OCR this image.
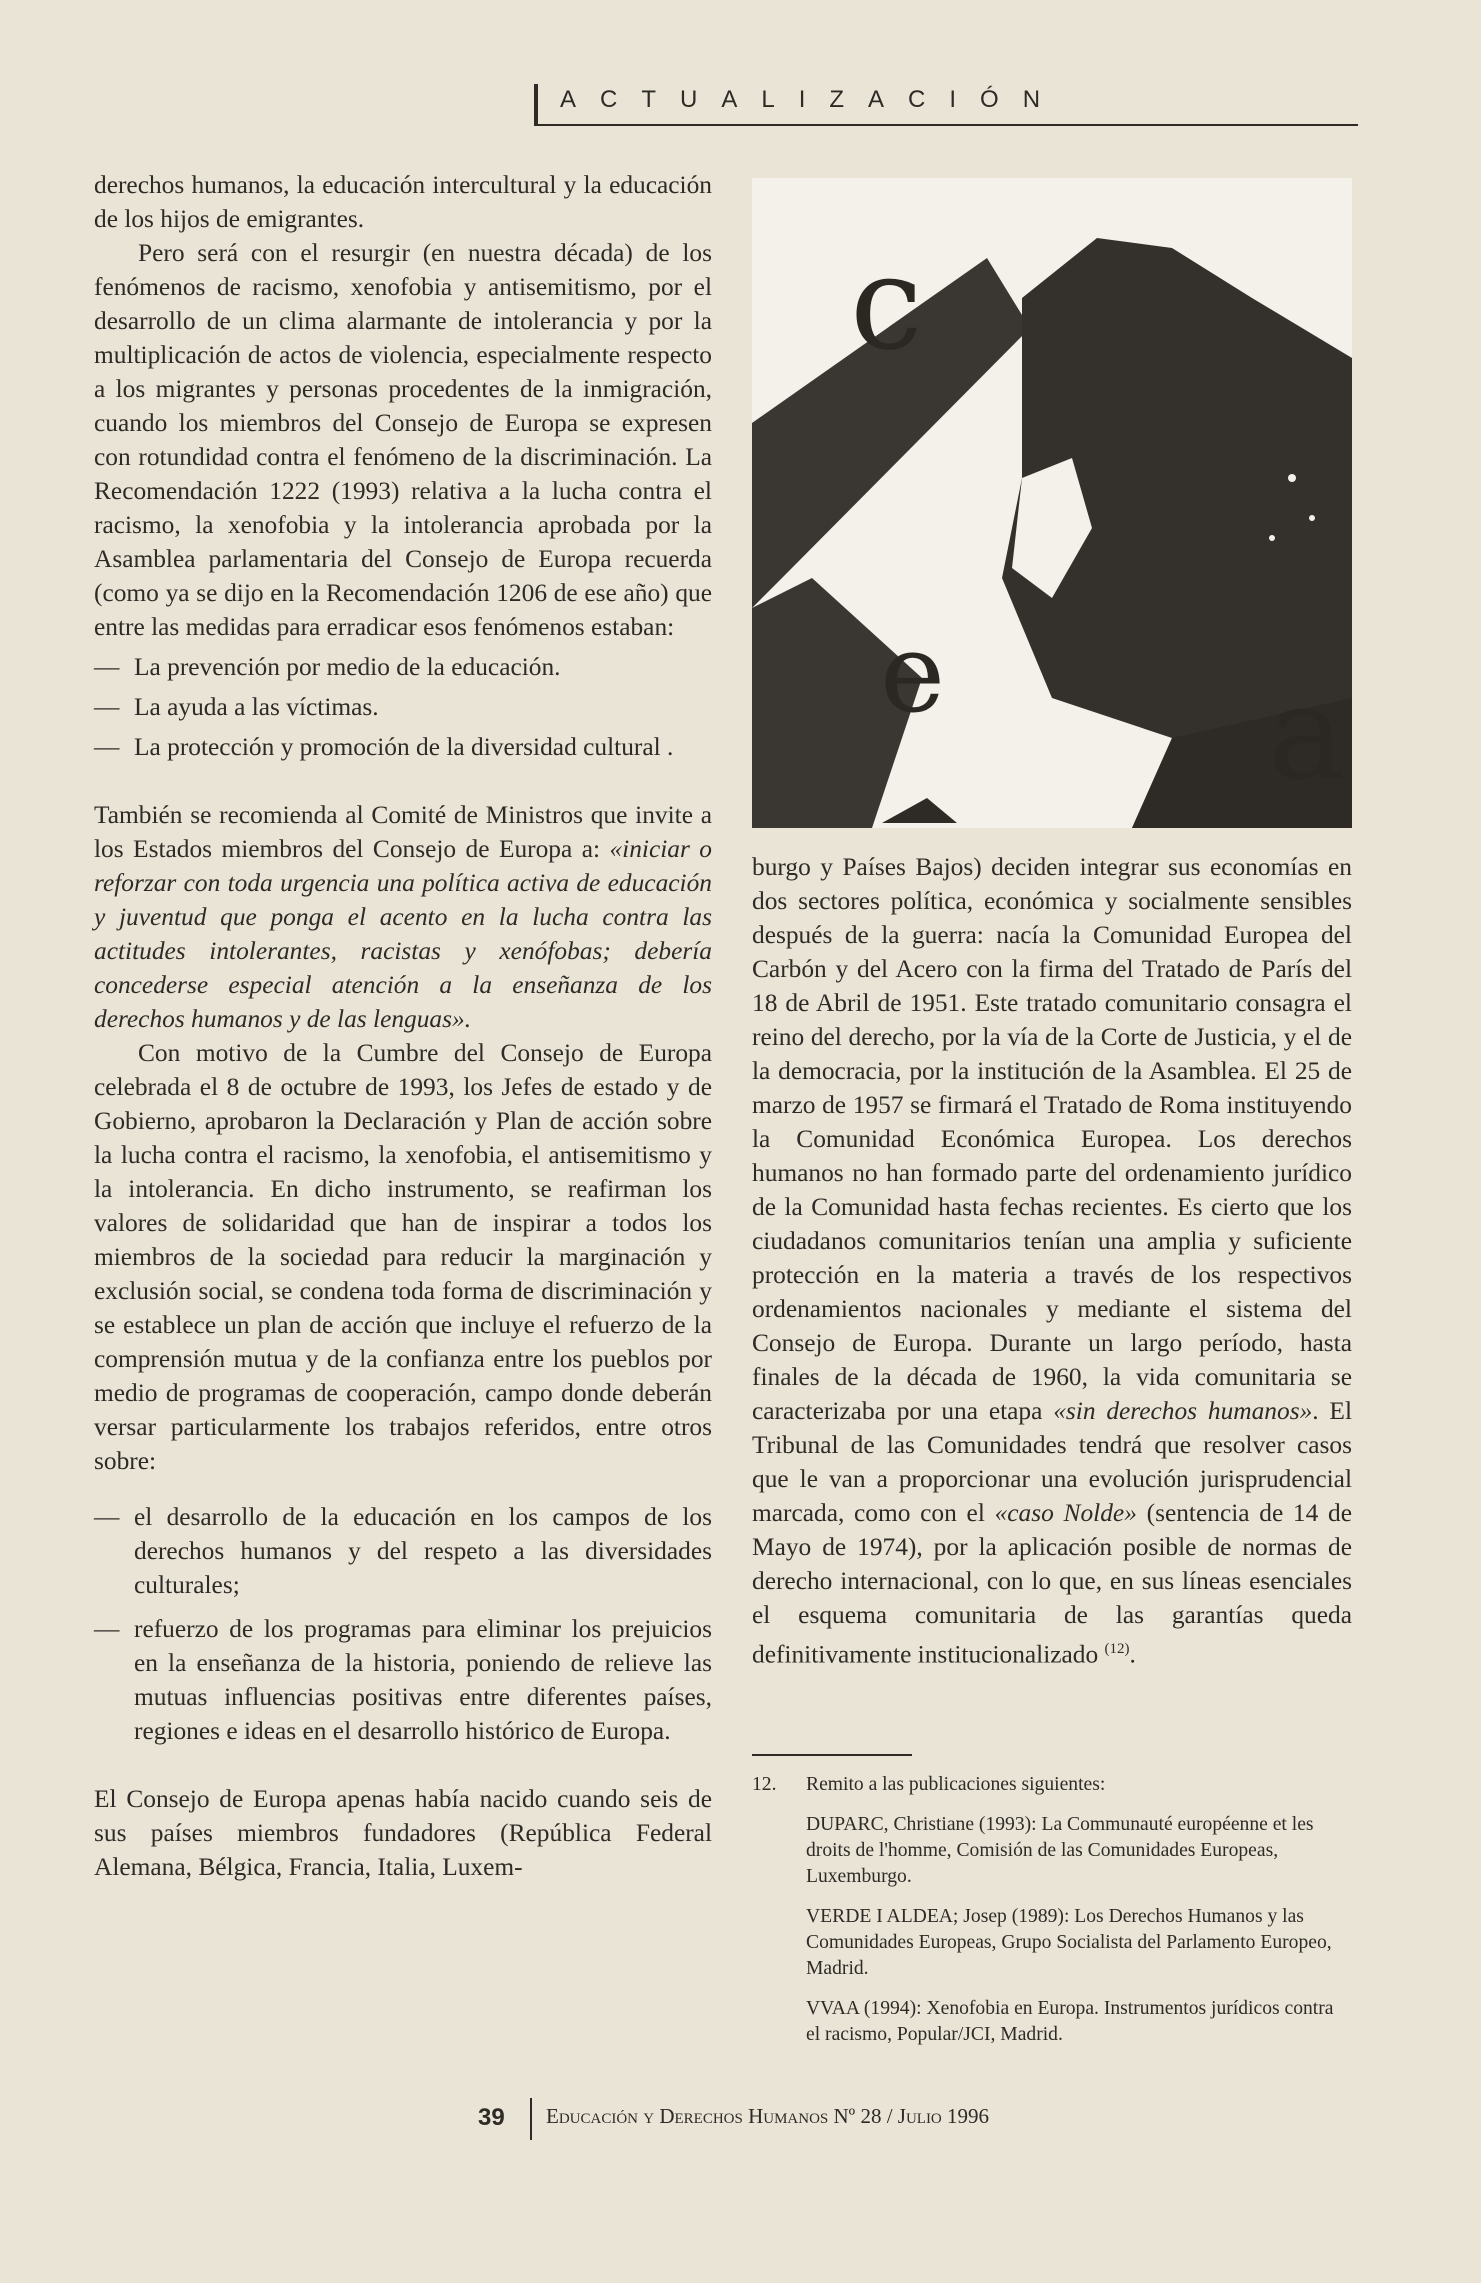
ACTUALIZACIÓN
c
e a

derechos humanos, la educación intercultural y la educación de los hijos de emigrantes.

Pero será con el resurgir (en nuestra década) de los fenómenos de racismo, xenofobia y antisemitismo, por el desarrollo de un clima alarmante de intolerancia y por la multiplicación de actos de violencia, especialmente respecto a los migrantes y personas procedentes de la inmigración, cuando los miembros del Consejo de Europa se expresen con rotundidad contra el fenómeno de la discriminación. La Recomendación 1222 (1993) relativa a la lucha contra el racismo, la xenofobia y la intolerancia aprobada por la Asamblea parlamentaria del Consejo de Europa recuerda (como ya se dijo en la Recomendación 1206 de ese año) que entre las medidas para erradicar esos fenómenos estaban:

— La prevención por medio de la educación.

— La ayuda a las víctimas.

— La protección y promoción de la diversidad cultural .

También se recomienda al Comité de Ministros que invite a los Estados miembros del Consejo de Europa a: «iniciar o reforzar con toda urgencia una política activa de educación y juventud que ponga el acento en la lucha contra las actitudes intolerantes, racistas y xenófobas; debería concederse especial atención a la enseñanza de los derechos humanos y de las lenguas».

Con motivo de la Cumbre del Consejo de Europa celebrada el 8 de octubre de 1993, los Jefes de estado y de Gobierno, aprobaron la Declaración y Plan de acción sobre la lucha contra el racismo, la xenofobia, el antisemitismo y la intolerancia. En dicho instrumento, se reafirman los valores de solidaridad que han de inspirar a todos los miembros de la sociedad para reducir la marginación y exclusión social, se condena toda forma de discriminación y se establece un plan de acción que incluye el refuerzo de la comprensión mutua y de la confianza entre los pueblos por medio de programas de cooperación, campo donde deberán versar particularmente los trabajos referidos, entre otros sobre:

— el desarrollo de la educación en los campos de los derechos humanos y del respeto a las diversidades culturales;

— refuerzo de los programas para eliminar los prejuicios en la enseñanza de la historia, poniendo de relieve las mutuas influencias positivas entre diferentes países, regiones e ideas en el desarrollo histórico de Europa.

El Consejo de Europa apenas había nacido cuando seis de sus países miembros fundadores (República Federal Alemana, Bélgica, Francia, Italia, Luxem-

burgo y Países Bajos) deciden integrar sus economías en dos sectores política, económica y socialmente sensibles después de la guerra: nacía la Comunidad Europea del Carbón y del Acero con la firma del Tratado de París del 18 de Abril de 1951. Este tratado comunitario consagra el reino del derecho, por la vía de la Corte de Justicia, y el de la democracia, por la institución de la Asamblea. El 25 de marzo de 1957 se firmará el Tratado de Roma instituyendo la Comunidad Económica Europea. Los derechos humanos no han formado parte del ordenamiento jurídico de la Comunidad hasta fechas recientes. Es cierto que los ciudadanos comunitarios tenían una amplia y suficiente protección en la materia a través de los respectivos ordenamientos nacionales y mediante el sistema del Consejo de Europa. Durante un largo período, hasta finales de la década de 1960, la vida comunitaria se caracterizaba por una etapa «sin derechos humanos». El Tribunal de las Comunidades tendrá que resolver casos que le van a proporcionar una evolución jurisprudencial marcada, como con el «caso Nolde» (sentencia de 14 de Mayo de 1974), por la aplicación posible de normas de derecho internacional, con lo que, en sus líneas esenciales el esquema comunitaria de las garantías queda definitivamente institucionalizado $^{(12)}$.

12.	Remito a las publicaciones siguientes:

DUPARC, Christiane (1993): La Communauté européenne et les droits de l'homme, Comisión de las Comunidades Europeas, Luxemburgo.

VERDE I ALDEA; Josep (1989): Los Derechos Humanos y las Comunidades Europeas, Grupo Socialista del Parlamento Europeo, Madrid.

VVAA (1994): Xenofobia en Europa. Instrumentos jurídicos contra el racismo, Popular/JCI, Madrid.

39 Educación y Derechos Humanos Nº 28 / Julio 1996
